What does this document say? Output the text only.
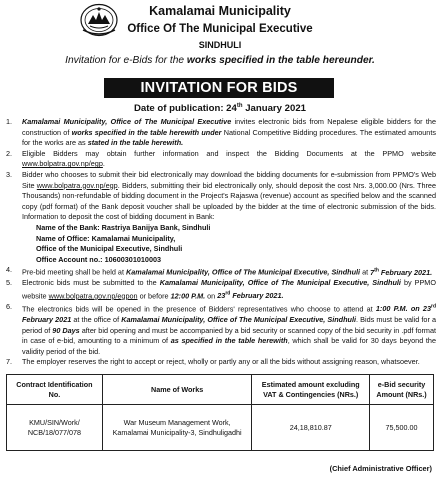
Kamalamai Municipality
Office Of The Municipal Executive
SINDHULI
Invitation for e-Bids for the works specified in the table hereunder.
INVITATION FOR BIDS
Date of publication: 24th January 2021
1. Kamalamai Municipality, Office of The Municipal Executive invites electronic bids from Nepalese eligible bidders for the construction of works specified in the table herewith under National Competitive Bidding procedures. The estimated amounts for the works are as stated in the table herewith.
2. Eligible Bidders may obtain further information and inspect the Bidding Documents at the PPMO website www.bolpatra.gov.np/egp.
3. Bidder who chooses to submit their bid electronically may download the bidding documents for e-submission from PPMO's Web Site www.bolpatra.gov.np/egp. Bidders, submitting their bid electronically only, should deposit the cost Nrs. 3,000.00 (Nrs. Three Thousands) non-refundable of bidding document in the Project's Rajaswa (revenue) account as specified below and the scanned copy (pdf format) of the Bank deposit voucher shall be uploaded by the bidder at the time of electronic submission of the bids. Information to deposit the cost of bidding document in Bank:
Name of the Bank: Rastriya Banijya Bank, Sindhuli
Name of Office: Kamalamai Municipality,
Office of the Municipal Executive, Sindhuli
Office Account no.: 10600301010003
4. Pre-bid meeting shall be held at Kamalamai Municipality, Office of The Municipal Executive, Sindhuli at 7th February 2021.
5. Electronic bids must be submitted to the Kamalamai Municipality, Office of The Municipal Executive, Sindhuli by PPMO website www.bolpatra.gov.np/egpon or before 12:00 P.M. on 23rd February 2021.
6. The electronics bids will be opened in the presence of Bidders' representatives who choose to attend at 1:00 P.M. on 23rd February 2021 at the office of Kamalamai Municipality, Office of The Municipal Executive, Sindhuli. Bids must be valid for a period of 90 Days after bid opening and must be accompanied by a bid security or scanned copy of the bid security in .pdf format in case of e-bid, amounting to a minimum of as specified in the table herewith, which shall be valid for 30 days beyond the validity period of the bid.
7. The employer reserves the right to accept or reject, wholly or partly any or all the bids without assigning reason, whatsoever.
Contract Identification No.	Name of Works	Estimated amount excluding VAT & Contingencies (NRs.)	e-Bid security Amount (NRs.)
KMU/SIN/Work/ NCB/18/077/078	War Museum Management Work, Kamalamai Municipality-3, Sindhuligadhi	24,18,810.87	75,500.00
(Chief Administrative Officer)
